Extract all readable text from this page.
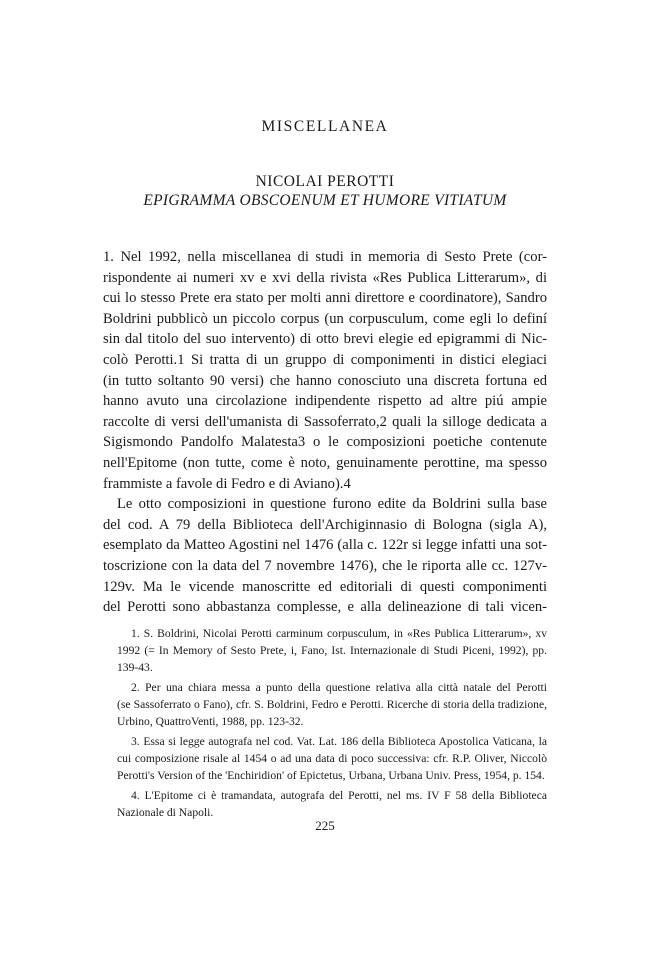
MISCELLANEA
NICOLAI PEROTTI
EPIGRAMMA OBSCOENUM ET HUMORE VITIATUM
1. Nel 1992, nella miscellanea di studi in memoria di Sesto Prete (cor-
rispondente ai numeri xv e xvi della rivista «Res Publica Litterarum», di
cui lo stesso Prete era stato per molti anni direttore e coordinatore), Sandro
Boldrini pubblicò un piccolo corpus (un corpusculum, come egli lo definí
sin dal titolo del suo intervento) di otto brevi elegie ed epigrammi di Nic-
colò Perotti.1 Si tratta di un gruppo di componimenti in distici elegiaci
(in tutto soltanto 90 versi) che hanno conosciuto una discreta fortuna ed
hanno avuto una circolazione indipendente rispetto ad altre piú ampie
raccolte di versi dell'umanista di Sassoferrato,2 quali la silloge dedicata a
Sigismondo Pandolfo Malatesta3 o le composizioni poetiche contenute
nell'Epitome (non tutte, come è noto, genuinamente perottine, ma spesso
frammiste a favole di Fedro e di Aviano).4
Le otto composizioni in questione furono edite da Boldrini sulla base
del cod. A 79 della Biblioteca dell'Archiginnasio di Bologna (sigla A),
esemplato da Matteo Agostini nel 1476 (alla c. 122r si legge infatti una sot-
toscrizione con la data del 7 novembre 1476), che le riporta alle cc. 127v-
129v. Ma le vicende manoscritte ed editoriali di questi componimenti
del Perotti sono abbastanza complesse, e alla delineazione di tali vicen-
1. S. Boldrini, Nicolai Perotti carminum corpusculum, in «Res Publica Litterarum», xv
1992 (= In Memory of Sesto Prete, i, Fano, Ist. Internazionale di Studi Piceni, 1992), pp.
139-43.
2. Per una chiara messa a punto della questione relativa alla città natale del Perotti
(se Sassoferrato o Fano), cfr. S. Boldrini, Fedro e Perotti. Ricerche di storia della tradizione,
Urbino, QuattroVenti, 1988, pp. 123-32.
3. Essa si legge autografa nel cod. Vat. Lat. 186 della Biblioteca Apostolica Vaticana, la
cui composizione risale al 1454 o ad una data di poco successiva: cfr. R.P. Oliver, Niccolò
Perotti's Version of the 'Enchiridion' of Epictetus, Urbana, Urbana Univ. Press, 1954, p. 154.
4. L'Epitome ci è tramandata, autografa del Perotti, nel ms. IV F 58 della Biblioteca
Nazionale di Napoli.
225
